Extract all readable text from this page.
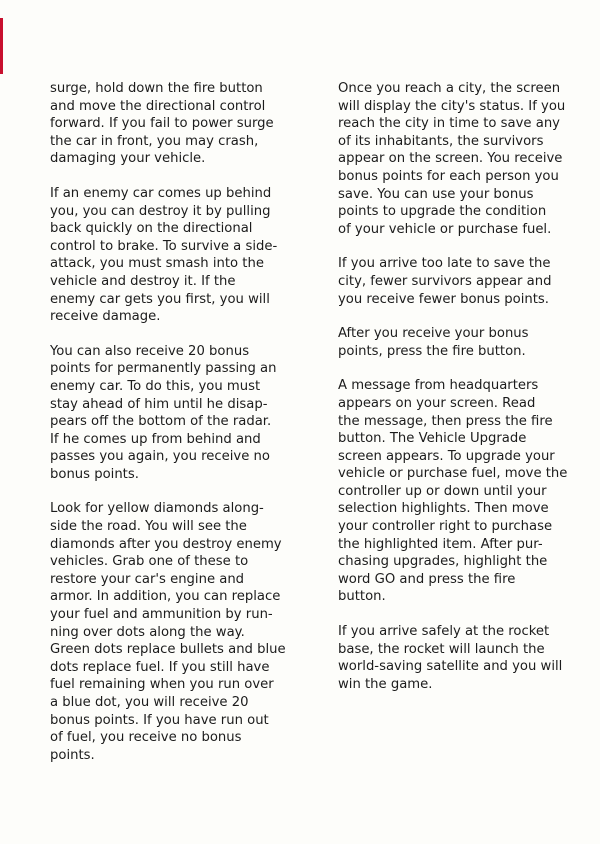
surge, hold down the fire button
and move the directional control
forward. If you fail to power surge
the car in front, you may crash,
damaging your vehicle.

If an enemy car comes up behind
you, you can destroy it by pulling
back quickly on the directional
control to brake. To survive a side-
attack, you must smash into the
vehicle and destroy it. If the
enemy car gets you first, you will
receive damage.

You can also receive 20 bonus
points for permanently passing an
enemy car. To do this, you must
stay ahead of him until he disap-
pears off the bottom of the radar.
If he comes up from behind and
passes you again, you receive no
bonus points.

Look for yellow diamonds along-
side the road. You will see the
diamonds after you destroy enemy
vehicles. Grab one of these to
restore your car's engine and
armor. In addition, you can replace
your fuel and ammunition by run-
ning over dots along the way.
Green dots replace bullets and blue
dots replace fuel. If you still have
fuel remaining when you run over
a blue dot, you will receive 20
bonus points. If you have run out
of fuel, you receive no bonus
points.

Once you reach a city, the screen
will display the city's status. If you
reach the city in time to save any
of its inhabitants, the survivors
appear on the screen. You receive
bonus points for each person you
save. You can use your bonus
points to upgrade the condition
of your vehicle or purchase fuel.

If you arrive too late to save the
city, fewer survivors appear and
you receive fewer bonus points.

After you receive your bonus
points, press the fire button.

A message from headquarters
appears on your screen. Read
the message, then press the fire
button. The Vehicle Upgrade
screen appears. To upgrade your
vehicle or purchase fuel, move the
controller up or down until your
selection highlights. Then move
your controller right to purchase
the highlighted item. After pur-
chasing upgrades, highlight the
word GO and press the fire
button.

If you arrive safely at the rocket
base, the rocket will launch the
world-saving satellite and you will
win the game.
